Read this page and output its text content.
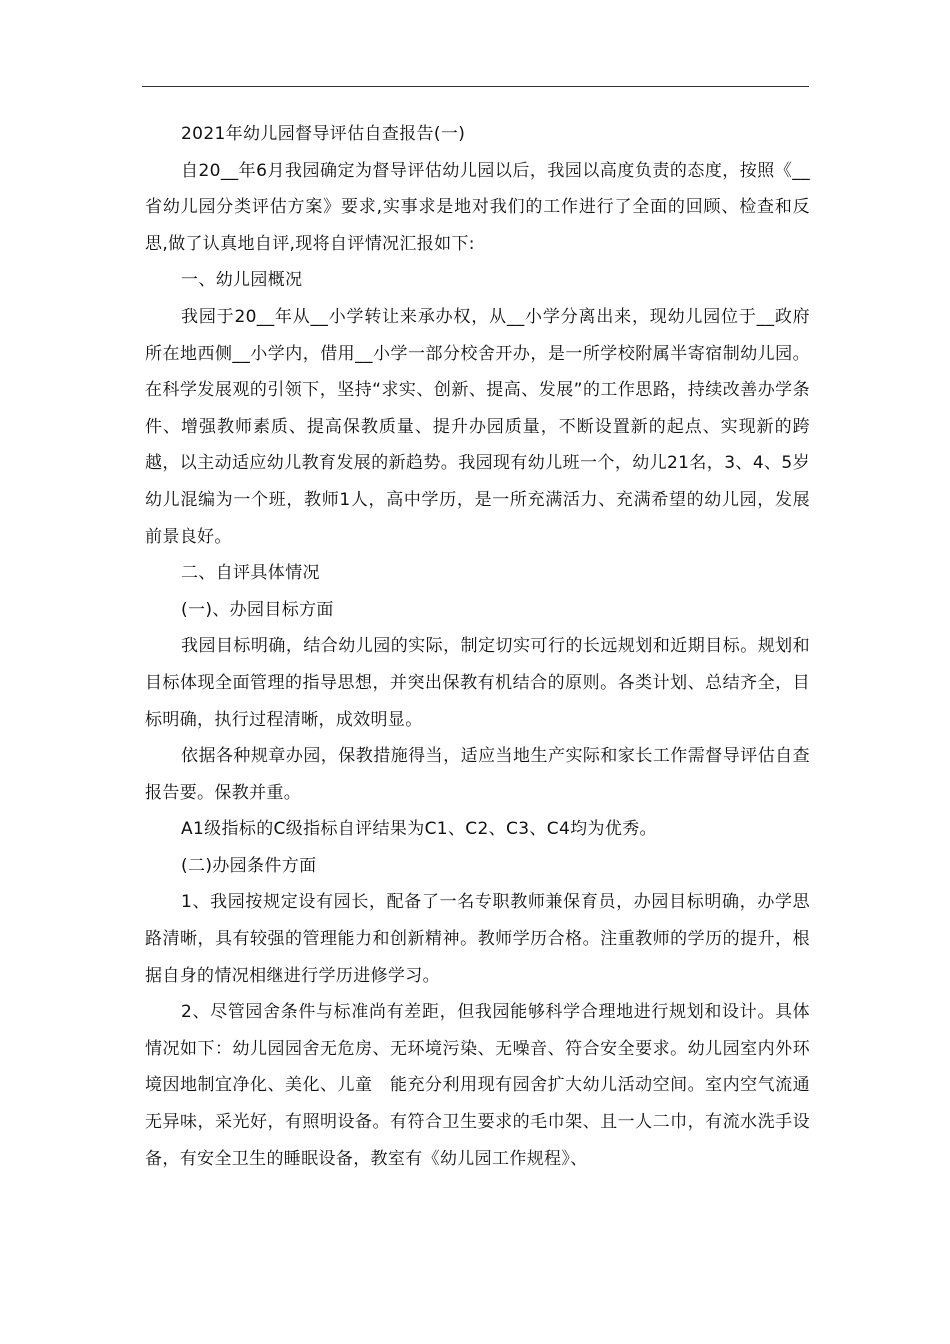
2021年幼儿园督导评估自查报告(一)

自20__年6月我园确定为督导评估幼儿园以后，我园以高度负责的态度，按照《__省幼儿园分类评估方案》要求,实事求是地对我们的工作进行了全面的回顾、检查和反思,做了认真地自评,现将自评情况汇报如下:

一、幼儿园概况

我园于20__年从__小学转让来承办权，从__小学分离出来，现幼儿园位于__政府所在地西侧__小学内，借用__小学一部分校舍开办，是一所学校附属半寄宿制幼儿园。在科学发展观的引领下，坚持“求实、创新、提高、发展”的工作思路，持续改善办学条件、增强教师素质、提高保教质量、提升办园质量，不断设置新的起点、实现新的跨越，以主动适应幼儿教育发展的新趋势。我园现有幼儿班一个，幼儿21名，3、4、5岁幼儿混编为一个班，教师1人，高中学历，是一所充满活力、充满希望的幼儿园，发展前景良好。

二、自评具体情况

(一)、办园目标方面

我园目标明确，结合幼儿园的实际，制定切实可行的长远规划和近期目标。规划和目标体现全面管理的指导思想，并突出保教有机结合的原则。各类计划、总结齐全，目标明确，执行过程清晰，成效明显。

依据各种规章办园，保教措施得当，适应当地生产实际和家长工作需督导评估自查报告要。保教并重。

A1级指标的C级指标自评结果为C1、C2、C3、C4均为优秀。

(二)办园条件方面

1、我园按规定设有园长，配备了一名专职教师兼保育员，办园目标明确，办学思路清晰，具有较强的管理能力和创新精神。教师学历合格。注重教师的学历的提升，根据自身的情况相继进行学历进修学习。

2、尽管园舍条件与标准尚有差距，但我园能够科学合理地进行规划和设计。具体情况如下：幼儿园园舍无危房、无环境污染、无噪音、符合安全要求。幼儿园室内外环境因地制宜净化、美化、儿童　能充分利用现有园舍扩大幼儿活动空间。室内空气流通无异味，采光好，有照明设备。有符合卫生要求的毛巾架、且一人二巾，有流水洗手设备，有安全卫生的睡眠设备，教室有《幼儿园工作规程》、
